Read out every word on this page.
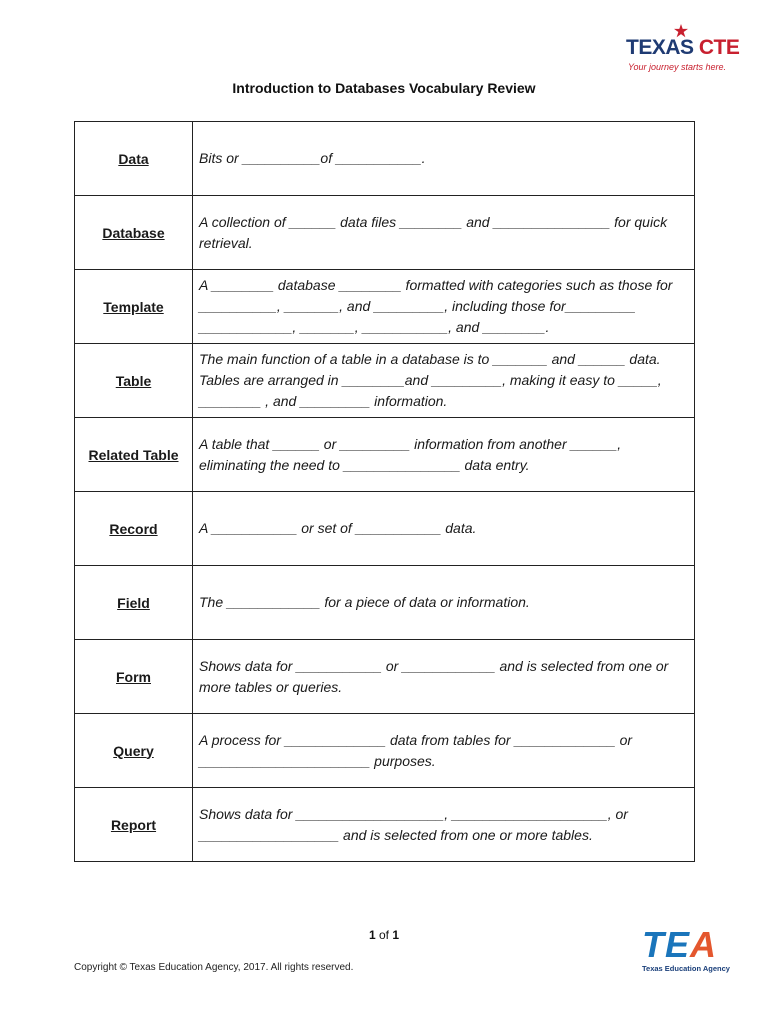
TEXAS CTE
Your journey starts here.
Introduction to Databases Vocabulary Review
Data	Bits or __________of ___________.
Database	A collection of ______ data files ________ and _______________ for quick retrieval.
Template	A ________ database ________ formatted with categories such as those for __________, _______, and _________, including those for_________ ____________, _______, ___________, and ________.
Table	The main function of a table in a database is to _______ and ______ data. Tables are arranged in ________and _________, making it easy to _____, ________ , and _________ information.
Related Table	A table that ______ or _________ information from another ______, eliminating the need to _______________ data entry.
Record	A ___________ or set of ___________ data.
Field	The ____________ for a piece of data or information.
Form	Shows data for ___________ or ____________ and is selected from one or more tables or queries.
Query	A process for _____________ data from tables for _____________ or ______________________ purposes.
Report	Shows data for ___________________, ____________________, or __________________ and is selected from one or more tables.
1 of 1
Copyright © Texas Education Agency, 2017. All rights reserved.
TEA
Texas Education Agency
